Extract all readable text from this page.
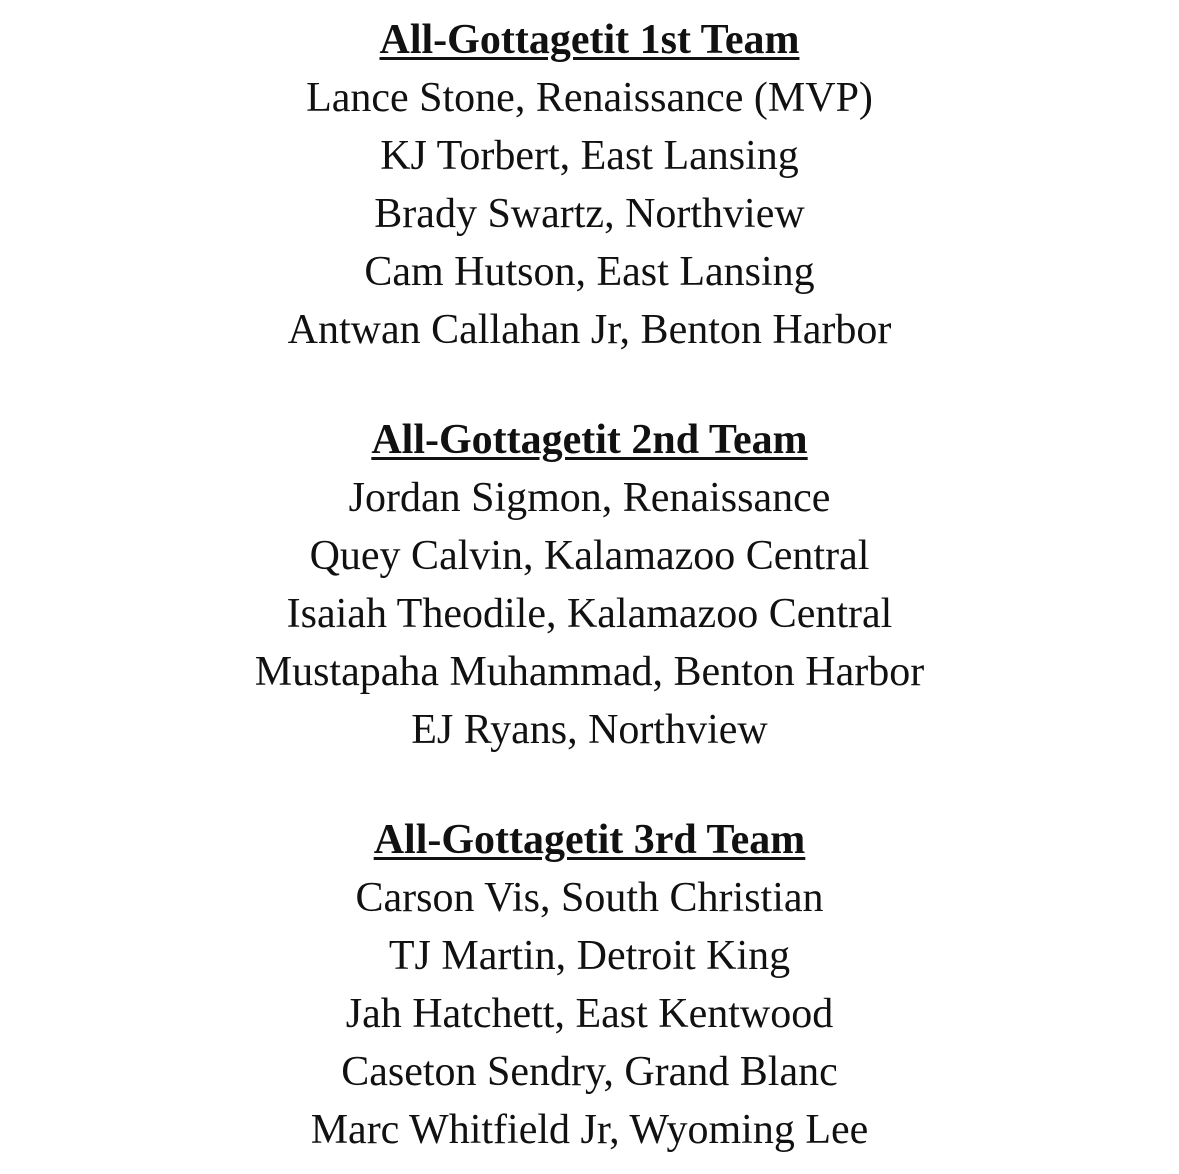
All-Gottagetit 1st Team

Lance Stone, Renaissance (MVP)

KJ Torbert, East Lansing

Brady Swartz, Northview

Cam Hutson, East Lansing

Antwan Callahan Jr, Benton Harbor

All-Gottagetit 2nd Team

Jordan Sigmon, Renaissance

Quey Calvin, Kalamazoo Central

Isaiah Theodile, Kalamazoo Central

Mustapaha Muhammad, Benton Harbor

EJ Ryans, Northview

All-Gottagetit 3rd Team

Carson Vis, South Christian

TJ Martin, Detroit King

Jah Hatchett, East Kentwood

Caseton Sendry, Grand Blanc

Marc Whitfield Jr, Wyoming Lee
